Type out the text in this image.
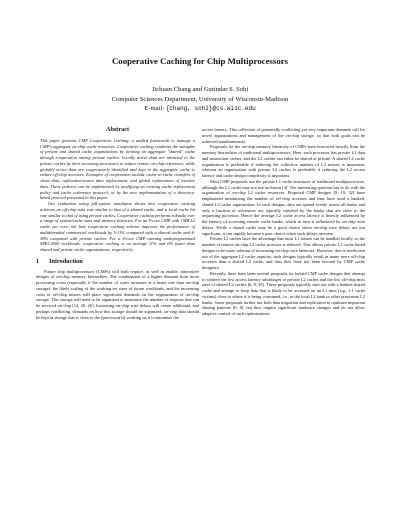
Cooperative Caching for Chip Multiprocessors
Jichuan Chang and Gurindar S. Sohi
Computer Sciences Department, University of Wisconsin-Madison
E-mail: {chang, sohi}@cs.wisc.edu
Abstract

This paper presents CMP Cooperative Caching, a unified framework to manage a CMP's aggregate on-chip cache resources. Cooperative caching combines the strengths of private and shared cache organizations by forming an aggregate "shared" cache through cooperation among private caches. Locally active data are attracted to the private caches by their accessing processors to reduce remote on-chip references, while globally active data are cooperatively identified and kept in the aggregate cache to reduce off-chip accesses. Examples of cooperation include cache-to-cache transfers of clean data, replication-aware data replacement, and global replacement of inactive data. These policies can be implemented by modifying an existing cache replacement policy and cache coherence protocol, or by the new implementation of a directory-based protocol presented in this paper.

Our evaluation using full-system simulation shows that cooperative caching achieves an off-chip miss rate similar to that of a shared cache, and a local cache hit rate similar to that of using private caches. Cooperative caching performs robustly over a range of system/cache sizes and memory latencies. For an 8-core CMP with 1MB L2 cache per core, the best cooperative caching scheme improves the performance of multithreaded commercial workloads by 5-11% compared with a shared cache and 4-38% compared with private caches. For a 4-core CMP running multiprogrammed SPEC2000 workloads, cooperative caching is on average 11% and 6% faster than shared and private cache organizations, respectively.

1 Introduction

Future chip multiprocessors (CMPs) will both require, as well as enable, innovative designs of on-chip memory hierarchies. The combination of a higher demand from more processing cores (especially if the number of cores increases at a faster rate than on-chip storage), the likely scaling of the working set sizes of future workloads, and the increasing costs of off-chip misses will place significant demands on the organization of on-chip storage. This storage will need to be organized to maximize the number of requests that can be serviced on chip [14, 20, 26]. Increasing on-chip wire delays will create additional, and perhaps conflicting, demands on how this storage should be organized: on-chip data should be kept in storage that is close to the (processor(s)) working on it to minimize the

access latency. This collection of potentially conflicting yet very important demands call for novel organizations and management of the on-chip storage, so that both goals can be achieved simultaneously.

Proposals for the on-chip memory hierarchy of CMPs have borrowed heavily from the memory hierarchies of traditional multiprocessors. Here, each processor has private L1 data and instruction caches, and the L2 caches can either be shared or private. A shared L2 cache organization is preferable if reducing the collective number of L2 misses is important, whereas an organization with private L2 caches is preferable if reducing the L2 access latency and cache design complexity is important.

Most CMP proposals use the private L1 cache structures of traditional multiprocessors, although the L1 cache may not use inclusion [4]. The interesting question has to do with the organization of on-chip L2 cache resources. Proposed CMP designs [8, 19, 32] have emphasized minimizing the number of off-chip accesses and thus have used a banked, shared L2 cache organization. In such designs, data are spread evenly across all banks and only a fraction of references are typically satisfied by the banks that are close to the requesting processor. Hence the average L2 cache access latency is heavily influenced by the latency of accessing remote cache banks, which in turn is influenced by on-chip wire delays. While a shared cache may be a good choice when on-chip wire delays are not significant, it can rapidly become a poor choice when such delays increase.

Private L2 caches have the advantage that most L1 misses can be handled locally, so the number of remote on-chip L2 cache accesses is reduced. This allows private L2 cache based designs to be more tolerant of increasing on-chip wire latencies. However, due to inefficient use of the aggregate L2 cache capacity, such designs typically result in many more off-chip accesses than a shared L2 cache, and thus they have not been favored by CMP cache designers.

Recently, there have been several proposals for hybrid CMP cache designs that attempt to achieve the low access latency advantages of private L2 caches and the low off-chip miss rates of shared L2 caches [6, 8, 35]. These proposals typically start out with a banked shared cache and attempt to keep data that is likely to be accessed on an L1 miss (e.g., L1 cache victims) close to where it is being consumed, i.e., in the local L2 bank or other proximate L2 banks. Some proposals further use both data migration and replication to optimize important sharing patterns [6, 8], but they require significant hardware changes and do not allow adaptive control of such optimizations.
